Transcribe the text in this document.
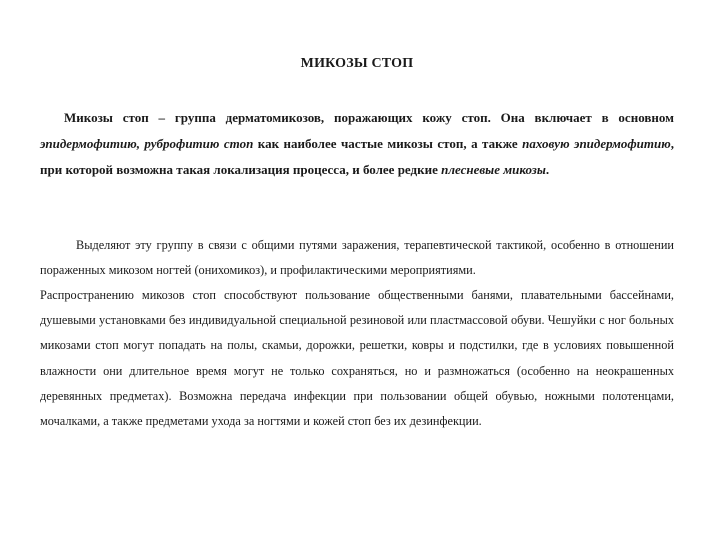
МИКОЗЫ СТОП

Микозы стоп – группа дерматомикозов, поражающих кожу стоп. Она включает в основном эпидермофитию, руброфитию стоп как наиболее частые микозы стоп, а также паховую эпидермофитию, при которой возможна такая локализация процесса, и более редкие плесневые микозы.

Выделяют эту группу в связи с общими путями заражения, терапевтической тактикой, особенно в отношении пораженных микозом ногтей (онихомикоз), и профилактическими мероприятиями.

Распространению микозов стоп способствуют пользование общественными банями, плавательными бассейнами, душевыми установками без индивидуальной специальной резиновой или пластмассовой обуви. Чешуйки с ног больных микозами стоп могут попадать на полы, скамьи, дорожки, решетки, ковры и подстилки, где в условиях повышенной влажности они длительное время могут не только сохраняться, но и размножаться (особенно на неокрашенных деревянных предметах). Возможна передача инфекции при пользовании общей обувью, ножными полотенцами, мочалками, а также предметами ухода за ногтями и кожей стоп без их дезинфекции.
